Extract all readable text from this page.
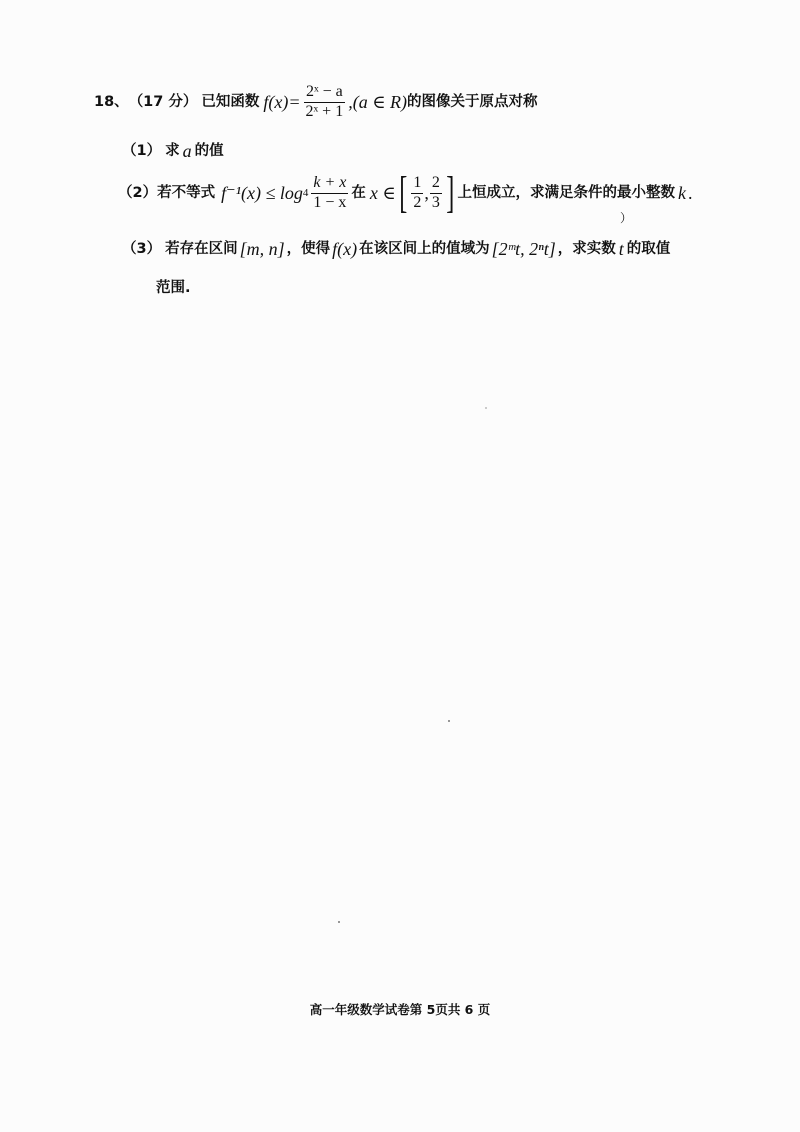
18、 （17 分） 已知函数 $f(x)= \frac{\text{2ˣ − a}}{\text{2ˣ + 1}} ,(a$ ∈ R) 的图像关于原点对称
（1） 求 a 的值
（2） 若不等式 $f^{-1}(x) \le \log 4 \frac{k + x}{1 - x}$ 在 x ∈ [ $\frac{1}{2}$ , $\frac{2}{3}$ ] 上恒成立，求满足条件的最小整数 k .
）
（3） 若存在区间 [m, n] ，使得 f(x) 在该区间上的值域为 [2ᵐt, 2ⁿt] ，求实数 t 的取值
范围.
高一年级数学试卷第 5页共 6 页
